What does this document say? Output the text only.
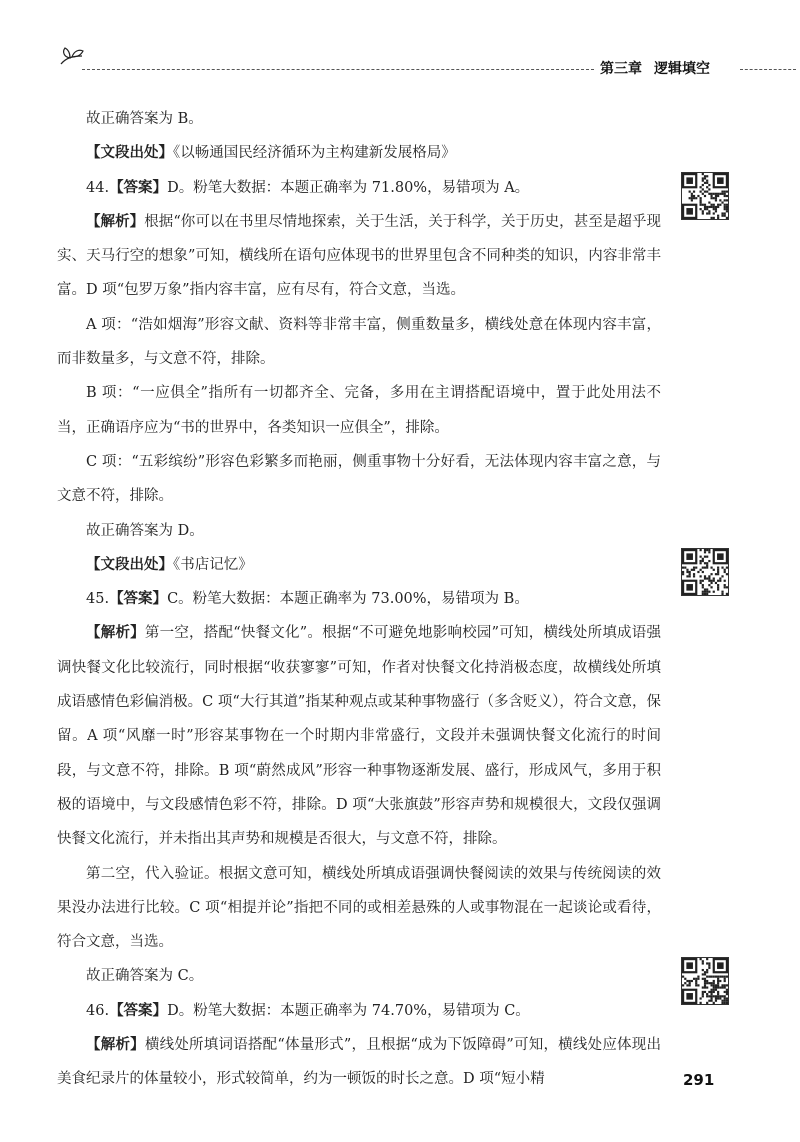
第三章 逻辑填空

故正确答案为 B。

【文段出处】《以畅通国民经济循环为主构建新发展格局》

44.【答案】D。粉笔大数据：本题正确率为 71.80%，易错项为 A。

【解析】根据“你可以在书里尽情地探索，关于生活，关于科学，关于历史，甚至是超乎现实、天马行空的想象”可知，横线所在语句应体现书的世界里包含不同种类的知识，内容非常丰富。D 项“包罗万象”指内容丰富，应有尽有，符合文意，当选。

A 项：“浩如烟海”形容文献、资料等非常丰富，侧重数量多，横线处意在体现内容丰富，而非数量多，与文意不符，排除。

B 项：“一应俱全”指所有一切都齐全、完备，多用在主谓搭配语境中，置于此处用法不当，正确语序应为“书的世界中，各类知识一应俱全”，排除。

C 项：“五彩缤纷”形容色彩繁多而艳丽，侧重事物十分好看，无法体现内容丰富之意，与文意不符，排除。

故正确答案为 D。

【文段出处】《书店记忆》

45.【答案】C。粉笔大数据：本题正确率为 73.00%，易错项为 B。

【解析】第一空，搭配“快餐文化”。根据“不可避免地影响校园”可知，横线处所填成语强调快餐文化比较流行，同时根据“收获寥寥”可知，作者对快餐文化持消极态度，故横线处所填成语感情色彩偏消极。C 项“大行其道”指某种观点或某种事物盛行（多含贬义），符合文意，保留。A 项“风靡一时”形容某事物在一个时期内非常盛行，文段并未强调快餐文化流行的时间段，与文意不符，排除。B 项“蔚然成风”形容一种事物逐渐发展、盛行，形成风气，多用于积极的语境中，与文段感情色彩不符，排除。D 项“大张旗鼓”形容声势和规模很大，文段仅强调快餐文化流行，并未指出其声势和规模是否很大，与文意不符，排除。

第二空，代入验证。根据文意可知，横线处所填成语强调快餐阅读的效果与传统阅读的效果没办法进行比较。C 项“相提并论”指把不同的或相差悬殊的人或事物混在一起谈论或看待，符合文意，当选。

故正确答案为 C。

46.【答案】D。粉笔大数据：本题正确率为 74.70%，易错项为 C。

【解析】横线处所填词语搭配“体量形式”，且根据“成为下饭障碍”可知，横线处应体现出美食纪录片的体量较小，形式较简单，约为一顿饭的时长之意。D 项“短小精	291
